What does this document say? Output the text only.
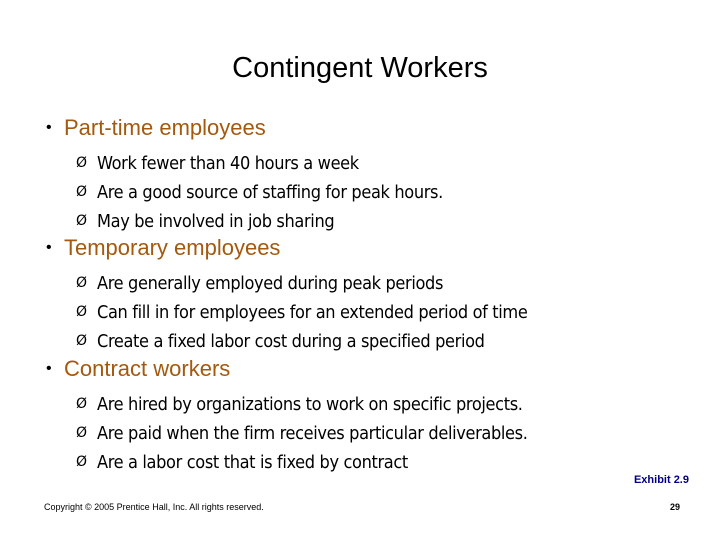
Contingent Workers
• Part-time employees
Ø Work fewer than 40 hours a week
Ø Are a good source of staffing for peak hours.
Ø May be involved in job sharing
• Temporary employees
Ø Are generally employed during peak periods
Ø Can fill in for employees for an extended period of time
Ø Create a fixed labor cost during a specified period
• Contract workers
Ø Are hired by organizations to work on specific projects.
Ø Are paid when the firm receives particular deliverables.
Ø Are a labor cost that is fixed by contract
Exhibit 2.9
Copyright © 2005 Prentice Hall, Inc. All rights reserved.	29
